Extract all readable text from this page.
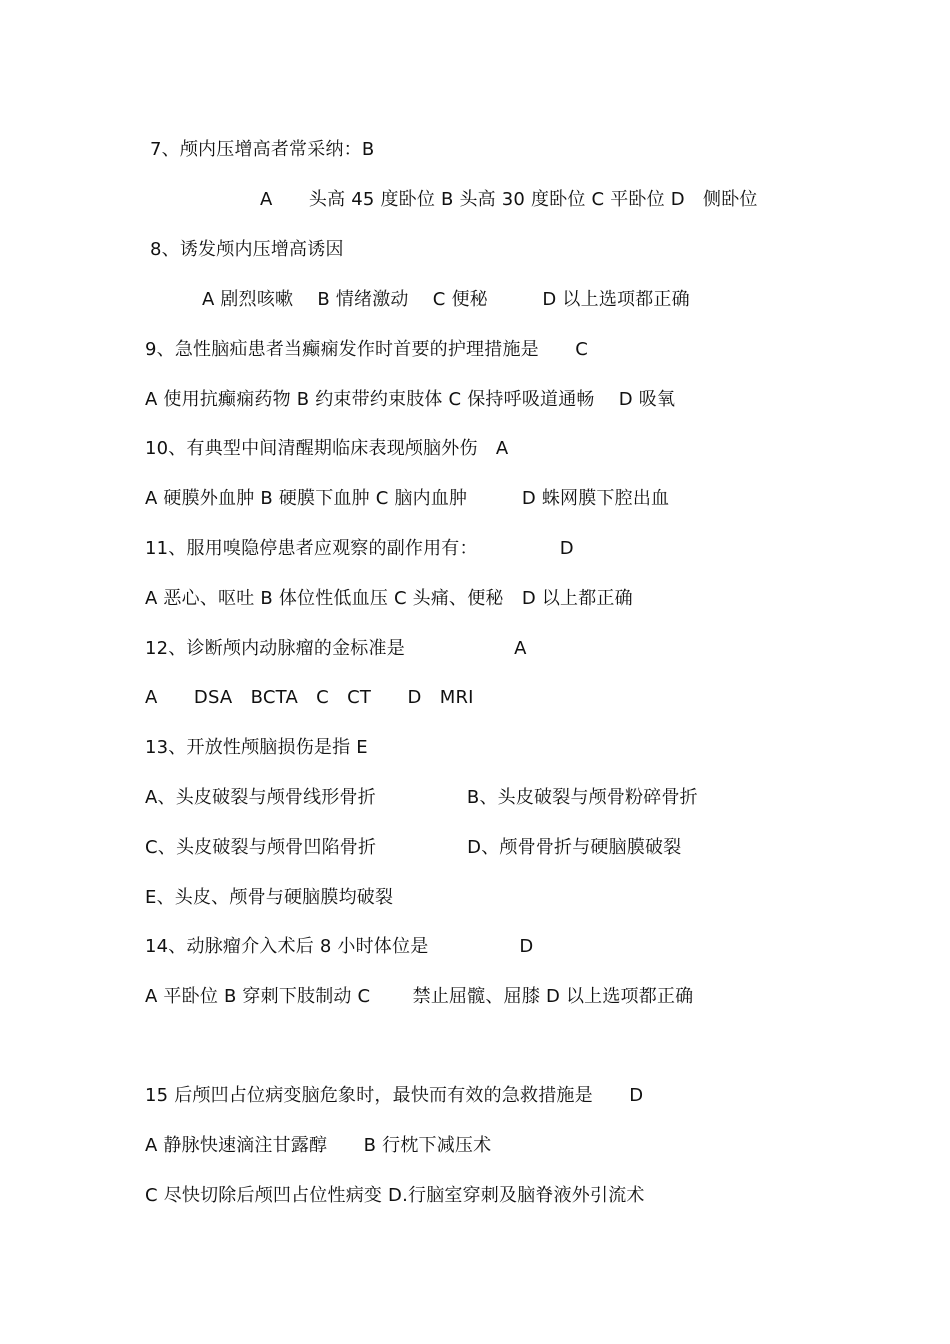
7、颅内压增高者常采纳：B
A　　头高 45 度卧位 B 头高 30 度卧位 C 平卧位 D　侧卧位
8、诱发颅内压增高诱因
A 剧烈咳嗽　 B 情绪激动　 C 便秘　　　D 以上选项都正确
9、急性脑疝患者当癫痫发作时首要的护理措施是　　C
A 使用抗癫痫药物 B 约束带约束肢体 C 保持呼吸道通畅　 D 吸氧
10、有典型中间清醒期临床表现颅脑外伤　A
A 硬膜外血肿 B 硬膜下血肿 C 脑内血肿　　　D 蛛网膜下腔出血
11、服用嗅隐停患者应观察的副作用有：　　　　　D
A 恶心、呕吐 B 体位性低血压 C 头痛、便秘　D 以上都正确
12、诊断颅内动脉瘤的金标准是　　　　　　A
A　　DSA　BCTA　C　CT　　D　MRI
13、开放性颅脑损伤是指 E
A、头皮破裂与颅骨线形骨折　　　　　B、头皮破裂与颅骨粉碎骨折
C、头皮破裂与颅骨凹陷骨折　　　　　D、颅骨骨折与硬脑膜破裂
E、头皮、颅骨与硬脑膜均破裂
14、动脉瘤介入术后 8 小时体位是　　　　　D
A 平卧位 B 穿刺下肢制动 C　　 禁止屈髋、屈膝 D 以上选项都正确
15 后颅凹占位病变脑危象时，最快而有效的急救措施是　　D
A 静脉快速滴注甘露醇　　B 行枕下减压术
C 尽快切除后颅凹占位性病变 D.行脑室穿刺及脑脊液外引流术
